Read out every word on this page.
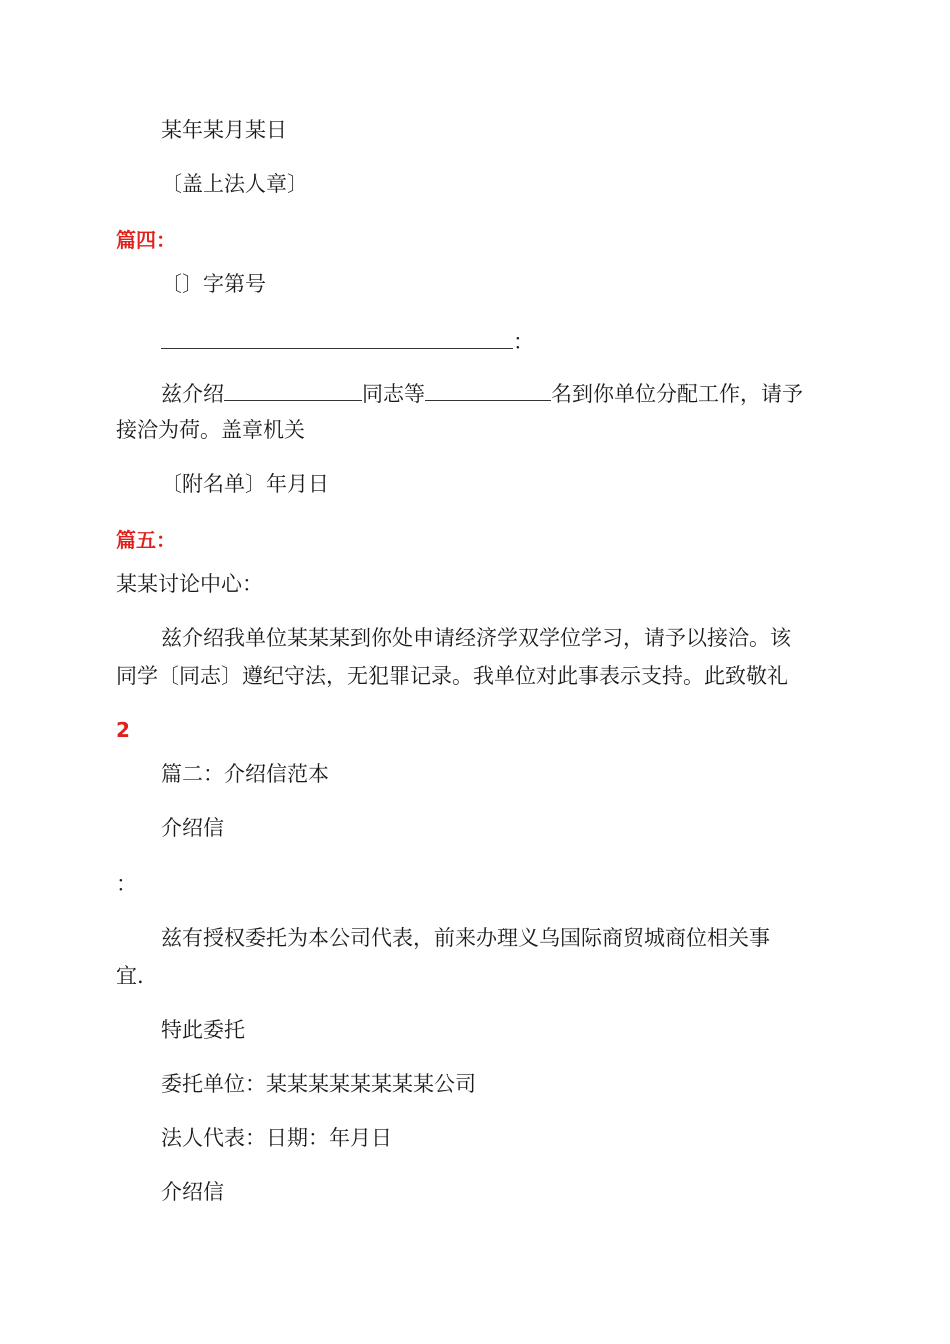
某年某月某日
〔盖上法人章〕
篇四：
〔〕字第号
：
兹介绍	同志等	名到你单位分配工作，请予
接洽为荷。盖章机关
〔附名单〕年月日
篇五：
某某讨论中心：
兹介绍我单位某某某到你处申请经济学双学位学习，请予以接洽。该
同学〔同志〕遵纪守法，无犯罪记录。我单位对此事表示支持。此致敬礼
2
篇二：介绍信范本
介绍信
：
兹有授权委托为本公司代表，前来办理义乌国际商贸城商位相关事
宜.
特此委托
委托单位：某某某某某某某某公司
法人代表：日期：年月日
介绍信
